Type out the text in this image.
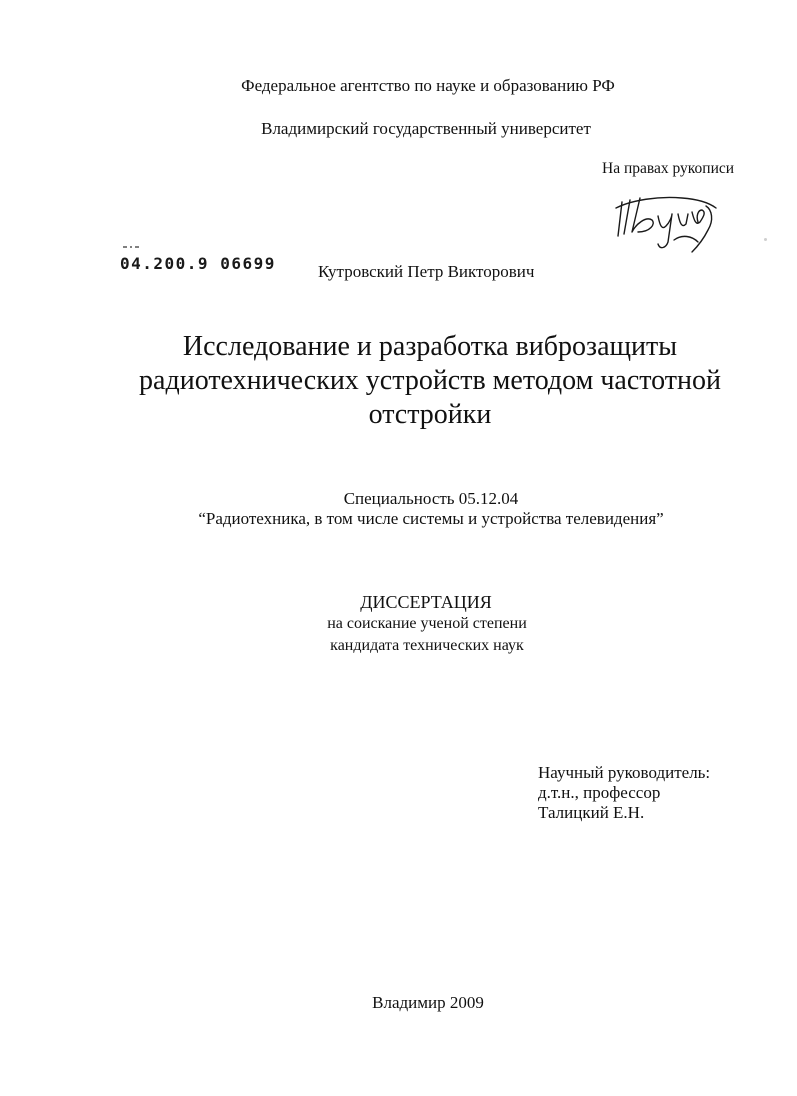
Федеральное агентство по науке и образованию РФ
Владимирский государственный университет
На правах рукописи
04.200.9 06699 Кутровский Петр Викторович
Исследование и разработка виброзащиты радиотехнических устройств методом частотной отстройки
Специальность 05.12.04
“Радиотехника, в том числе системы и устройства телевидения”
ДИССЕРТАЦИЯ
на соискание ученой степени
кандидата технических наук
Научный руководитель:
д.т.н., профессор
Талицкий Е.Н.
Владимир 2009
